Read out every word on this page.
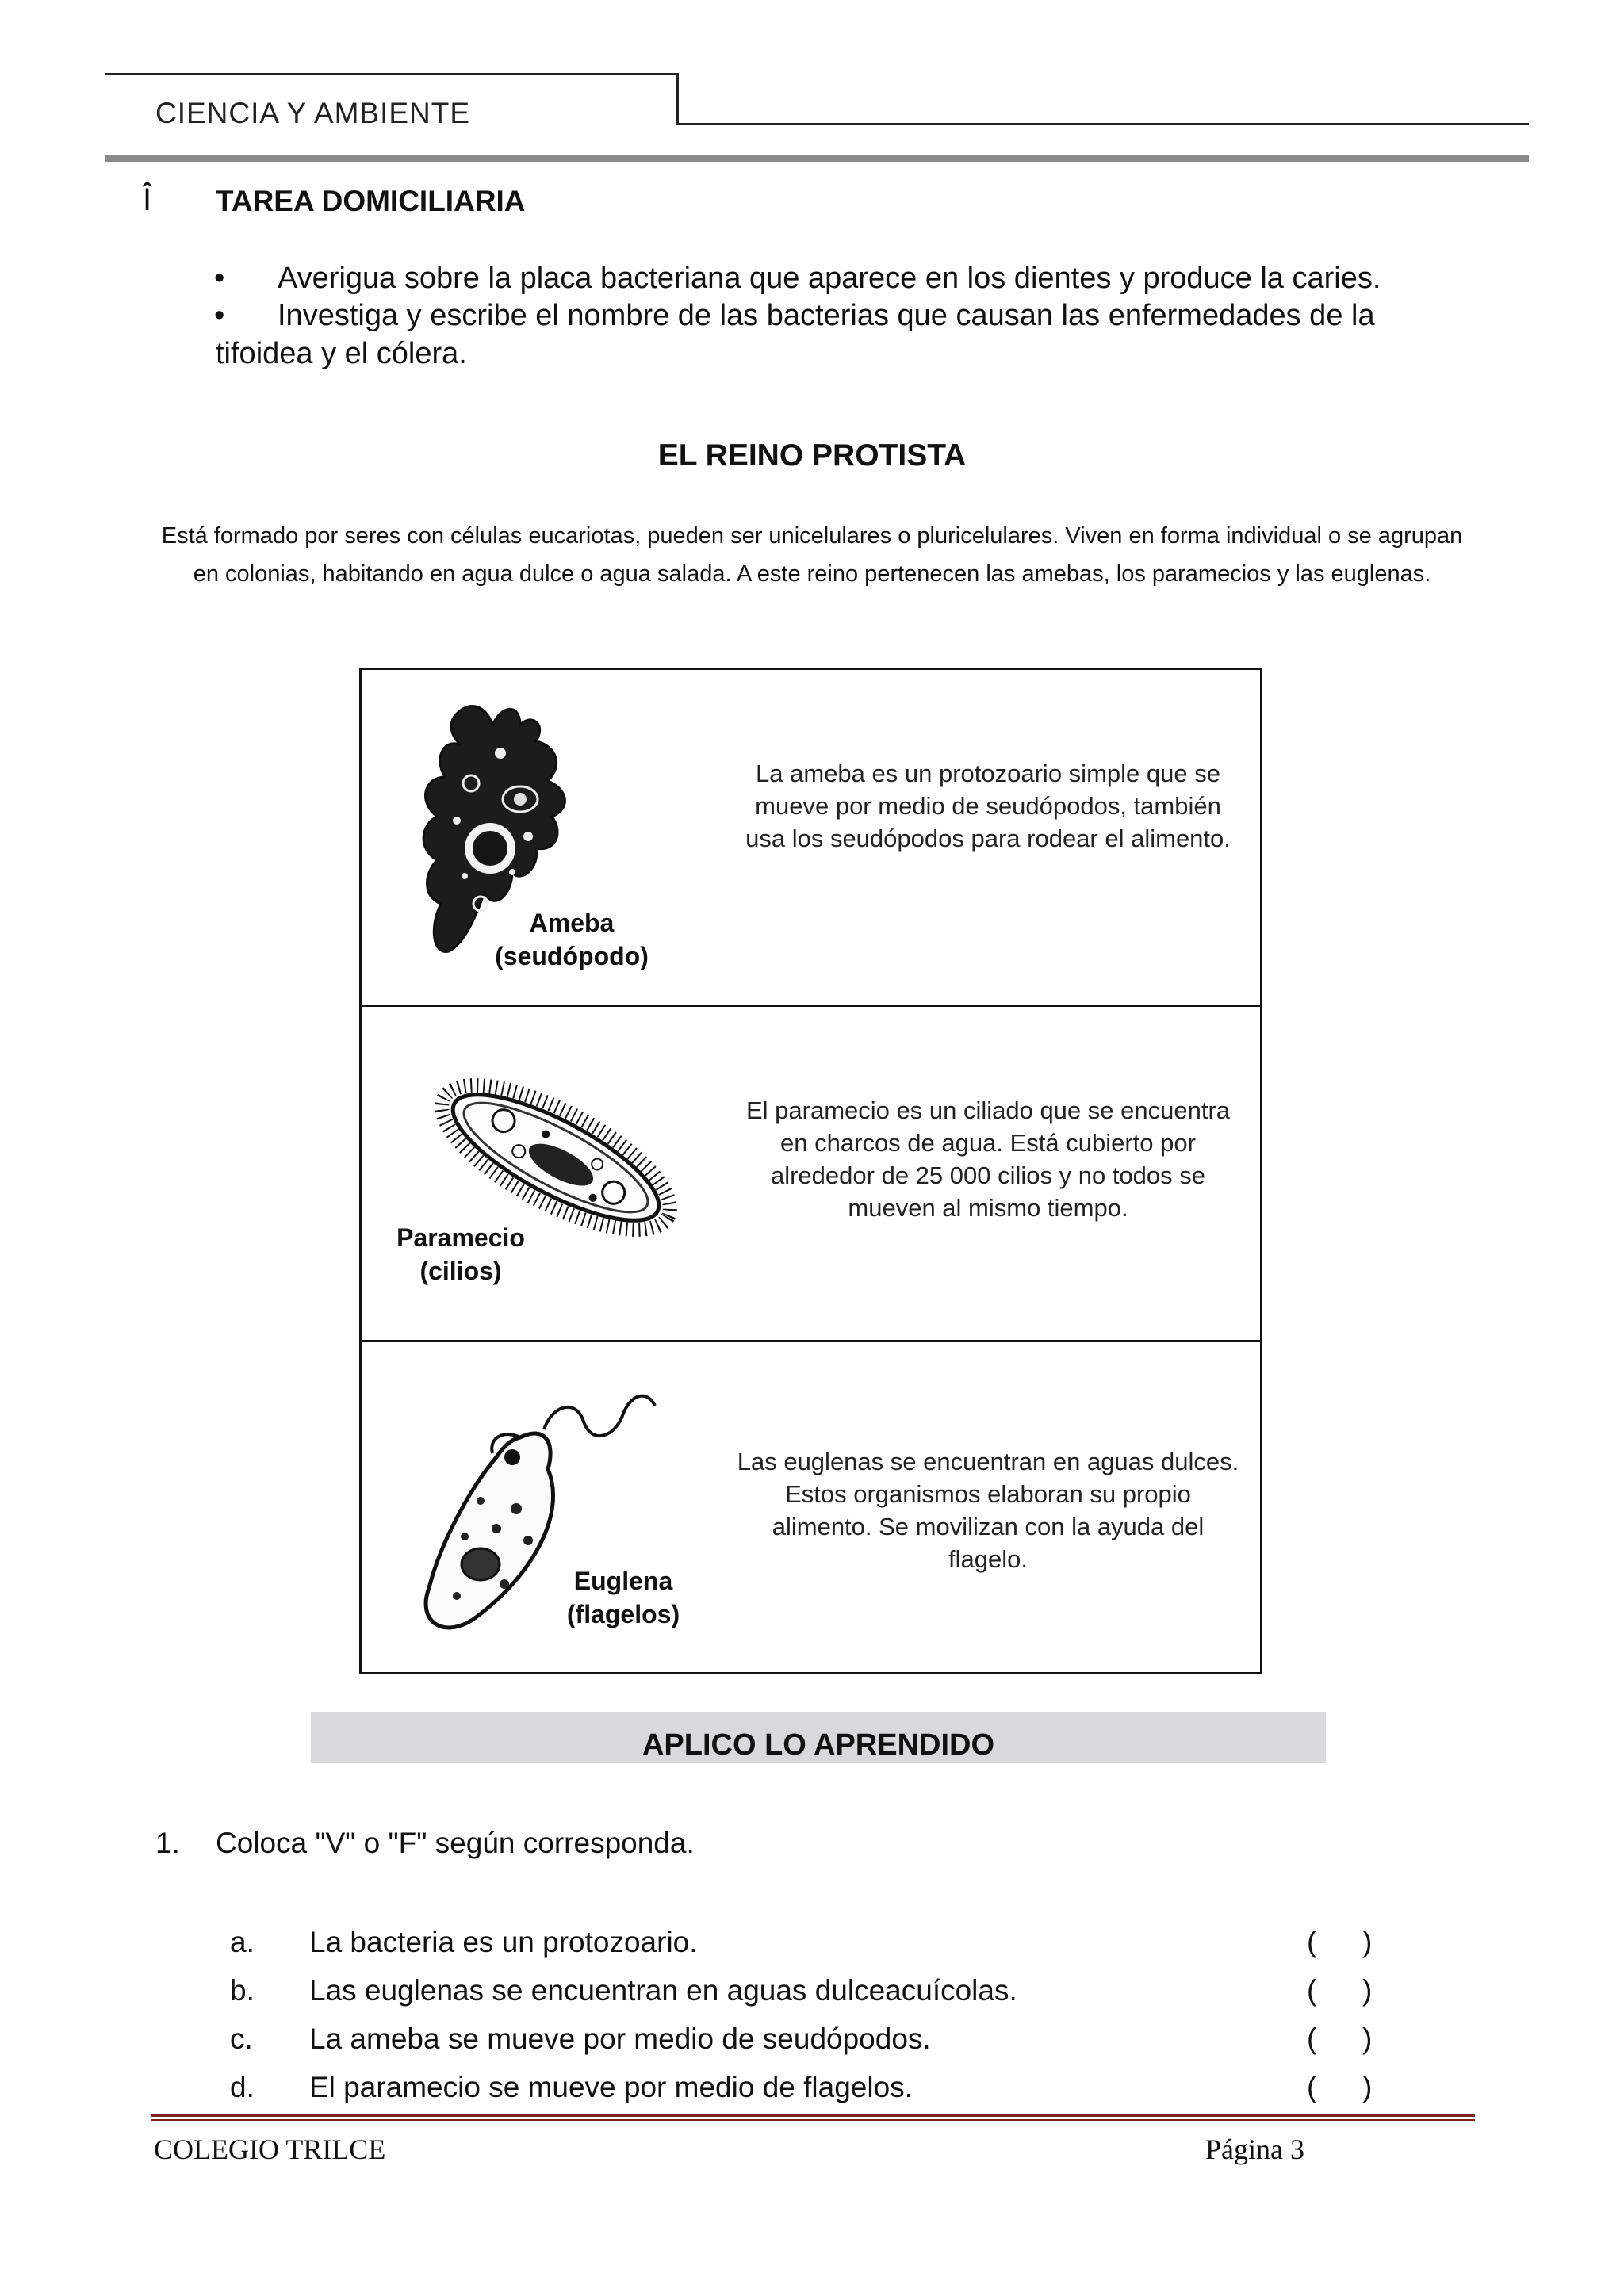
CIENCIA Y AMBIENTE
Î TAREA DOMICILIARIA
• Averigua sobre la placa bacteriana que aparece en los dientes y produce la caries.
•	Investiga y escribe el nombre de las bacterias que causan las enfermedades de la tifoidea y el cólera.
EL REINO PROTISTA
Está formado por seres con células eucariotas, pueden ser unicelulares o pluricelulares. Viven en forma individual o se agrupan en colonias, habitando en agua dulce o agua salada. A este reino pertenecen las amebas, los paramecios y las euglenas.
Ameba
(seudópodo)
La ameba es un protozoario simple que se mueve por medio de seudópodos, también usa los seudópodos para rodear el alimento.
Paramecio
(cilios)
El paramecio es un ciliado que se encuentra en charcos de agua. Está cubierto por alrededor de 25 000 cilios y no todos se mueven al mismo tiempo.
Euglena
(flagelos)
Las euglenas se encuentran en aguas dulces. Estos organismos elaboran su propio alimento. Se movilizan con la ayuda del flagelo.
APLICO LO APRENDIDO
1. Coloca "V" o "F" según corresponda.
a. La bacteria es un protozoario.	( )
b. Las euglenas se encuentran en aguas dulceacuícolas.	( )
c. La ameba se mueve por medio de seudópodos.	( )
d. El paramecio se mueve por medio de flagelos.	( )
COLEGIO TRILCE	Página 3
